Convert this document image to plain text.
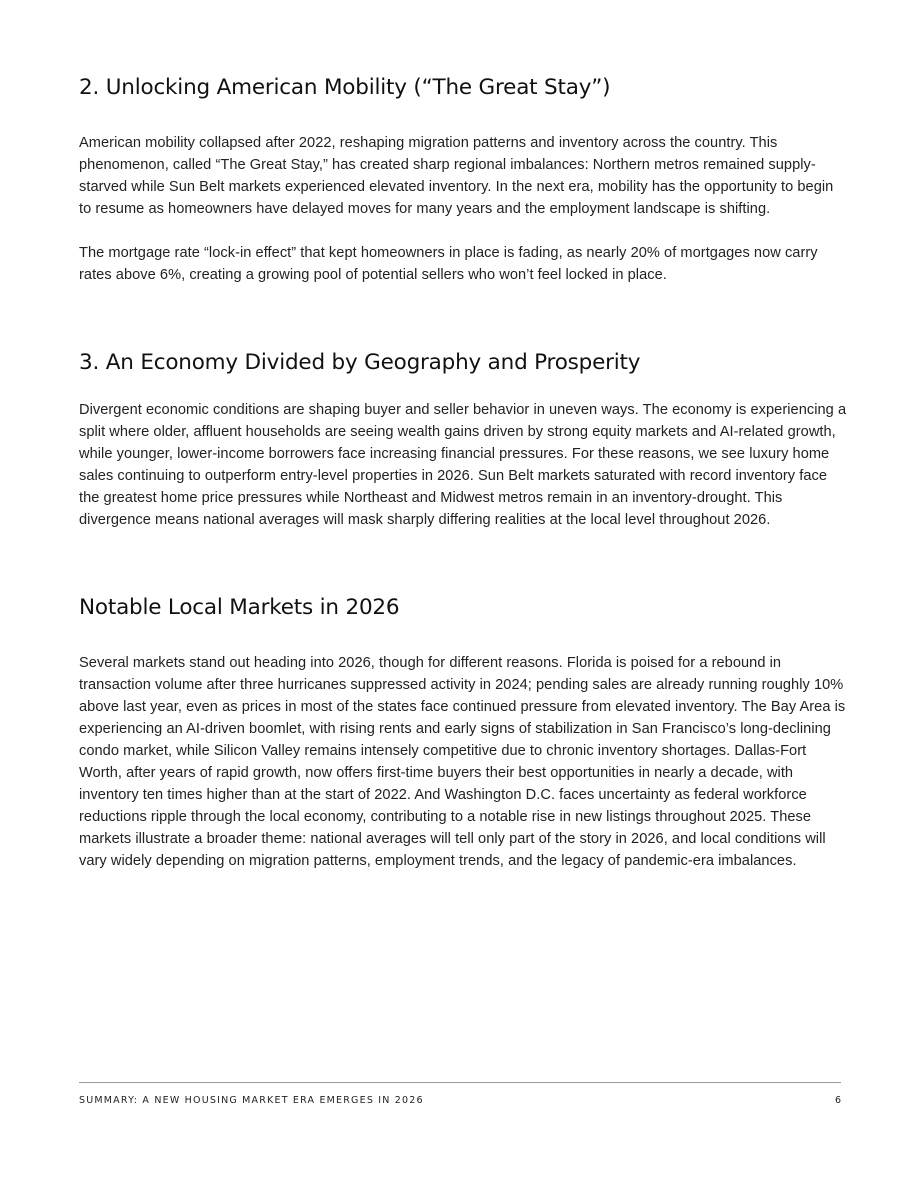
2. Unlocking American Mobility (“The Great Stay”)

American mobility collapsed after 2022, reshaping migration patterns and inventory across the country. This phenomenon, called “The Great Stay,” has created sharp regional imbalances: Northern metros remained supply-starved while Sun Belt markets experienced elevated inventory. In the next era, mobility has the opportunity to begin to resume as homeowners have delayed moves for many years and the employment landscape is shifting.

The mortgage rate “lock-in effect” that kept homeowners in place is fading, as nearly 20% of mortgages now carry rates above 6%, creating a growing pool of potential sellers who won’t feel locked in place.

3. An Economy Divided by Geography and Prosperity

Divergent economic conditions are shaping buyer and seller behavior in uneven ways. The economy is experiencing a split where older, affluent households are seeing wealth gains driven by strong equity markets and AI-related growth, while younger, lower-income borrowers face increasing financial pressures. For these reasons, we see luxury home sales continuing to outperform entry-level properties in 2026. Sun Belt markets saturated with record inventory face the greatest home price pressures while Northeast and Midwest metros remain in an inventory-drought. This divergence means national averages will mask sharply differing realities at the local level throughout 2026.

Notable Local Markets in 2026

Several markets stand out heading into 2026, though for different reasons. Florida is poised for a rebound in transaction volume after three hurricanes suppressed activity in 2024; pending sales are already running roughly 10% above last year, even as prices in most of the states face continued pressure from elevated inventory. The Bay Area is experiencing an AI-driven boomlet, with rising rents and early signs of stabilization in San Francisco’s long-declining condo market, while Silicon Valley remains intensely competitive due to chronic inventory shortages. Dallas-Fort Worth, after years of rapid growth, now offers first-time buyers their best opportunities in nearly a decade, with inventory ten times higher than at the start of 2022. And Washington D.C. faces uncertainty as federal workforce reductions ripple through the local economy, contributing to a notable rise in new listings throughout 2025. These markets illustrate a broader theme: national averages will tell only part of the story in 2026, and local conditions will vary widely depending on migration patterns, employment trends, and the legacy of pandemic-era imbalances.

SUMMARY: A NEW HOUSING MARKET ERA EMERGES IN 2026	6
